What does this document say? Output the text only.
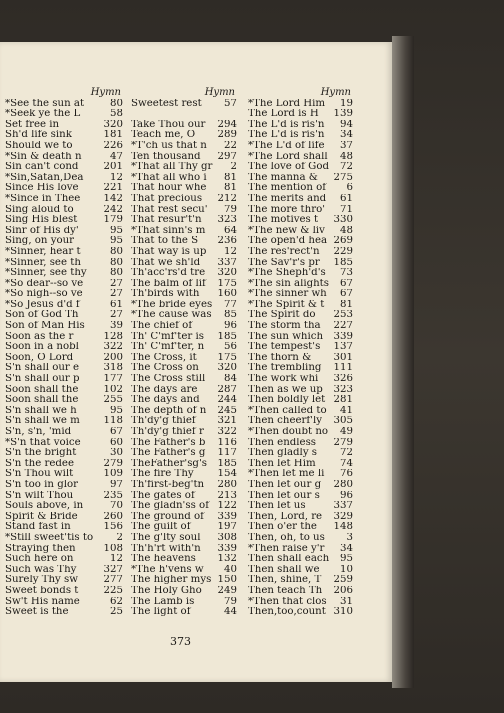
Hymn
*See the sun at	80
*Seek ye the L	58
Set free in	320
Sh'd life sink	181
Should we to	226
*Sin & death n	47
Sin can't cond 201
*Sin,Satan,Dea	12
Since His love 221
*Since in Thee 142
Sing aloud to	242
Sing His blest	179
Sinr of His dy'	95
Sing, on your	95
*Sinner, hear t	80
*Sinner, see th	80
*Sinner, see thy 80
*So dear--so ve	27
*So nigh--so ve	27
*So Jesus d'd f	61
Son of God Th	27
Son of Man His 39
Soon as the r	128
Soon in a nobl 322
Soon, O Lord	200
S'n shall our e 318
S'n shall our p 177
Soon shall the 102
Soon shall the 255
S'n shall we h	95
S'n shall we m 118
S'n, s'n, 'mid	67
*S'n that voice	60
S'n the bright	30
S'n the redee	279
S'n Thou wilt	109
S'n too in glor	97
S'n wilt Thou	235
Souls above, in	70
Spirit & Bride	260
Stand fast in	156
*Still sweet'tis to 2
Straying then	108
Such here on	12
Such was Thy	327
Surely Thy sw	277
Sweet bonds t 225
Sw't His name	62
Sweet is the	25
Hymn
Sweetest rest 57
Take Thou our 294
Teach me, O 289
*T'ch us that n 22
Ten thousand 297
*That all Thy gr 2
*That all who i 81
That hour whe 81
That precious 212
That rest secu' 79
That resur't'n 323
*That sinn's m 64
That to the S 236
That way is up 12
That we sh'ld 337
Th'acc'rs'd tre 320
The balm of lif 175
Th'birds with 160
*The bride eyes 77
*The cause was 85
The chief of	96
Th' C'mf'ter is 185
Th' C'mf'ter, n 56
The Cross, it 175
The Cross on 320
The Cross still 84
The days are 287
The days and 244
The depth of n 245
Th'dy'g thief 321
Th'dy'g thief r 322
The Father's b 116
The Father's g 117
TheFather'sg's 185
The fire Thy 154
Th'first-beg'tn 280
The gates of 213
The gladn'ss of 122
The ground of 339
The guilt of	197
The g'lty soul 308
Th'h'rt with'n 339
The heavens 132
*The h'vens w 40
The higher mys 150
The Holy Gho 249
The Lamb is	79
The light of	44
Hymn
*The Lord Him 19
The Lord is H 139
The L'd is ris'n 94
The L'd is ris'n 34
*The L'd of life 37
*The Lord shall 48
The love of God 72
The manna & 275
The mention of 6
The merits and 61
The more thro' 71
The motives t 330
*The new & liv 48
The open'd hea 269
The res'rect'n 229
The Sav'r's pr 185
*The Sheph'd's 73
*The sin alights 67
*The sinner wh 67
*The Spirit & t 81
The Spirit do 253
The storm tha 227
The sun which 339
The tempest's 137
The thorn & 301
The trembling 111
The work whi 326
Then as we up 323
Then boldly let 281
*Then called to 41
Then cheerf'ly 305
*Then doubt no 49
Then endless 279
Then gladly s 72
Then let Him 74
*Then let me li 76
Then let our g 280
Then let our s 96
Then let us	337
Then, Lord, re 329
Then o'er the 148
Then, oh, to us 3
*Then raise y'r 34
Then shall each 95
Then shall we 10
Then, shine, T 259
Then teach Th 206
*Then that clos 31
Then,too,count 310
373
